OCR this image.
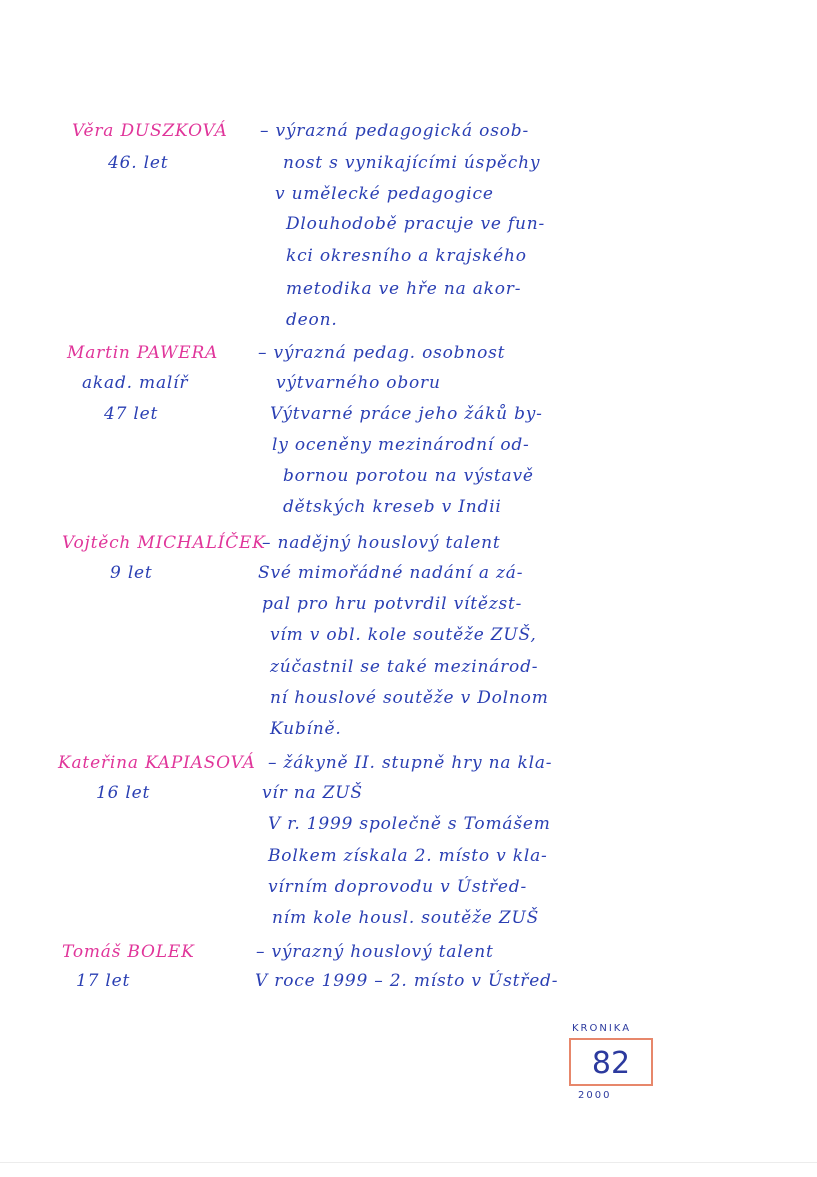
Věra DUSZKOVÁ
46. let
– výrazná pedagogická osob-
nost s vynikajícími úspěchy
v umělecké pedagogice
Dlouhodobě pracuje ve fun-
kci okresního a krajského
metodika ve hře na akor-
deon.
Martin PAWERA
akad. malíř
47 let
– výrazná pedag. osobnost
výtvarného oboru
Výtvarné práce jeho žáků by-
ly oceněny mezinárodní od-
bornou porotou na výstavě
dětských kreseb v Indii
Vojtěch MICHALÍČEK
9 let
– nadějný houslový talent
Své mimořádné nadání a zá-
pal pro hru potvrdil vítězst-
vím v obl. kole soutěže ZUŠ,
zúčastnil se také mezinárod-
ní houslové soutěže v Dolnom
Kubíně.
Kateřina KAPIASOVÁ
16 let
– žákyně II. stupně hry na kla-
vír na ZUŠ
V r. 1999 společně s Tomášem
Bolkem získala 2. místo v kla-
vírním doprovodu v Ústřed-
ním kole housl. soutěže ZUŠ
Tomáš BOLEK
17 let
– výrazný houslový talent
V roce 1999 – 2. místo v Ústřed-
KRONIKA
82
2000
